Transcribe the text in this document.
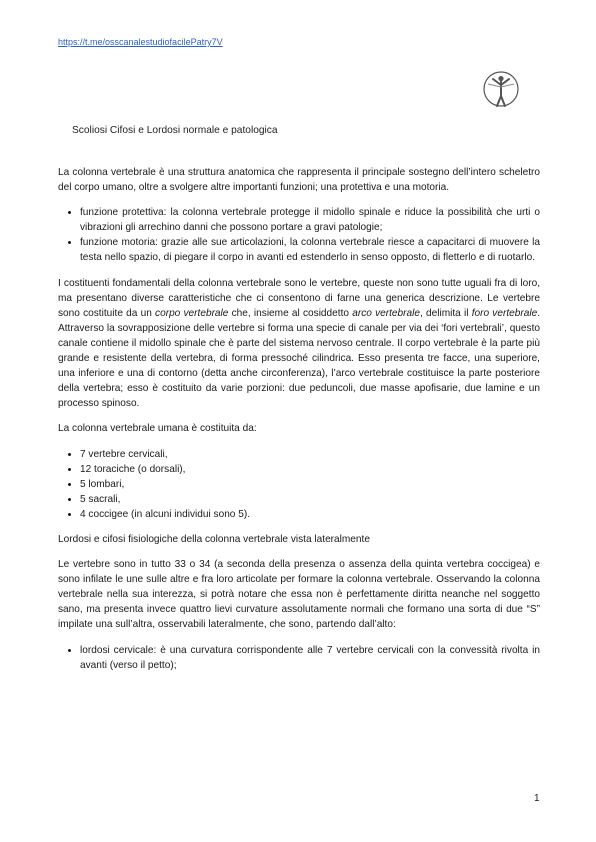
https://t.me/osscanalestudiofacilePatry7V
Scoliosi Cifosi e Lordosi normale e patologica

La colonna vertebrale è una struttura anatomica che rappresenta il principale sostegno dell’intero scheletro del corpo umano, oltre a svolgere altre importanti funzioni; una protettiva e una motoria.

• funzione protettiva: la colonna vertebrale protegge il midollo spinale e riduce la possibilità che urti o vibrazioni gli arrechino danni che possono portare a gravi patologie;
• funzione motoria: grazie alle sue articolazioni, la colonna vertebrale riesce a capacitarci di muovere la testa nello spazio, di piegare il corpo in avanti ed estenderlo in senso opposto, di fletterlo e di ruotarlo.

I costituenti fondamentali della colonna vertebrale sono le vertebre, queste non sono tutte uguali fra di loro, ma presentano diverse caratteristiche che ci consentono di farne una generica descrizione. Le vertebre sono costituite da un corpo vertebrale che, insieme al cosiddetto arco vertebrale, delimita il foro vertebrale. Attraverso la sovrapposizione delle vertebre si forma una specie di canale per via dei ‘fori vertebrali’, questo canale contiene il midollo spinale che è parte del sistema nervoso centrale. Il corpo vertebrale è la parte più grande e resistente della vertebra, di forma pressoché cilindrica. Esso presenta tre facce, una superiore, una inferiore e una di contorno (detta anche circonferenza), l’arco vertebrale costituisce la parte posteriore della vertebra; esso è costituito da varie porzioni: due peduncoli, due masse apofisarie, due lamine e un processo spinoso.

La colonna vertebrale umana è costituita da:

• 7 vertebre cervicali,
• 12 toraciche (o dorsali),
• 5 lombari,
• 5 sacrali,
• 4 coccigee (in alcuni individui sono 5).

Lordosi e cifosi fisiologiche della colonna vertebrale vista lateralmente

Le vertebre sono in tutto 33 o 34 (a seconda della presenza o assenza della quinta vertebra coccigea) e sono infilate le une sulle altre e fra loro articolate per formare la colonna vertebrale. Osservando la colonna vertebrale nella sua interezza, si potrà notare che essa non è perfettamente diritta neanche nel soggetto sano, ma presenta invece quattro lievi curvature assolutamente normali che formano una sorta di due “S” impilate una sull’altra, osservabili lateralmente, che sono, partendo dall’alto:

• lordosi cervicale: è una curvatura corrispondente alle 7 vertebre cervicali con la convessità rivolta in avanti (verso il petto);
1
